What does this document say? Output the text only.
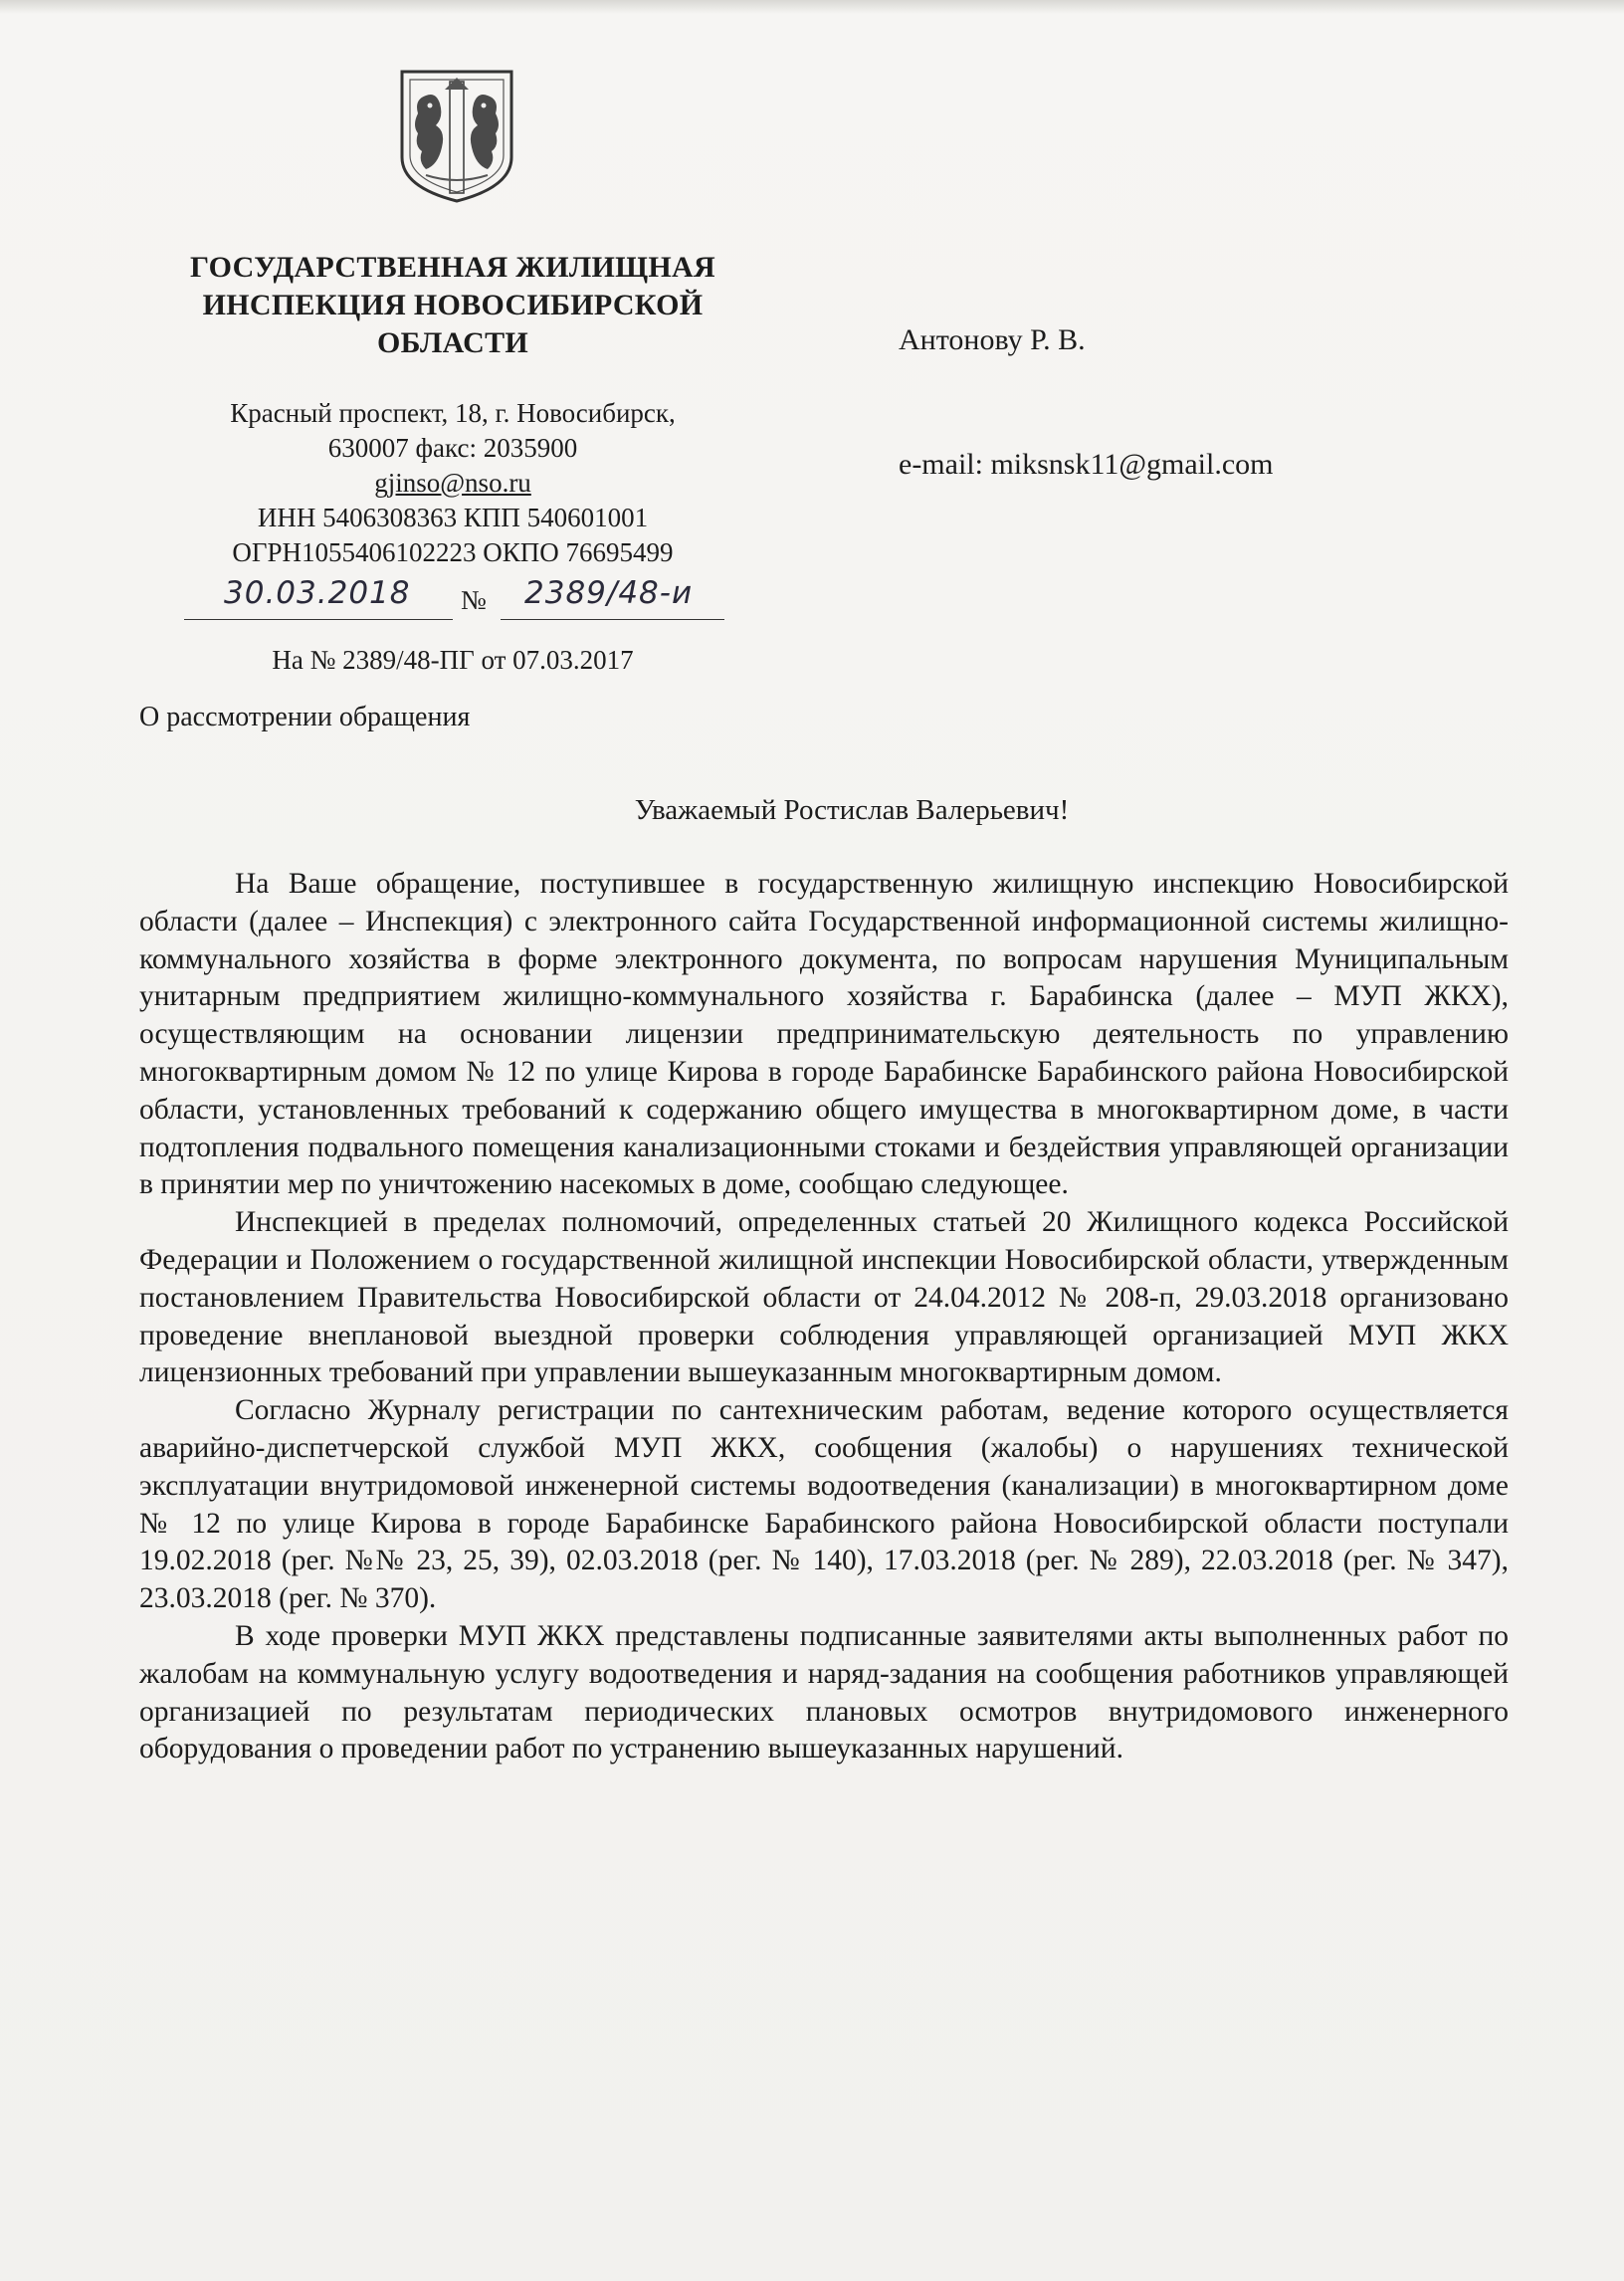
ГОСУДАРСТВЕННАЯ ЖИЛИЩНАЯ
ИНСПЕКЦИЯ НОВОСИБИРСКОЙ
ОБЛАСТИ
Красный проспект, 18, г. Новосибирск,
630007 факс: 2035900
gjinso@nso.ru
ИНН 5406308363 КПП 540601001
ОГРН1055406102223 ОКПО 76695499
30.03.2018 № 2389/48-и
На № 2389/48-ПГ от 07.03.2017
О рассмотрении обращения
Антонову Р. В.
e-mail: miksnsk11@gmail.com
Уважаемый Ростислав Валерьевич!

На Ваше обращение, поступившее в государственную жилищную инспекцию Новосибирской области (далее – Инспекция) с электронного сайта Государственной информационной системы жилищно-коммунального хозяйства в форме электронного документа, по вопросам нарушения Муниципальным унитарным предприятием жилищно-коммунального хозяйства г. Барабинска (далее – МУП ЖКХ), осуществляющим на основании лицензии предпринимательскую деятельность по управлению многоквартирным домом № 12 по улице Кирова в городе Барабинске Барабинского района Новосибирской области, установленных требований к содержанию общего имущества в многоквартирном доме, в части подтопления подвального помещения канализационными стоками и бездействия управляющей организации в принятии мер по уничтожению насекомых в доме, сообщаю следующее.

Инспекцией в пределах полномочий, определенных статьей 20 Жилищного кодекса Российской Федерации и Положением о государственной жилищной инспекции Новосибирской области, утвержденным постановлением Правительства Новосибирской области от 24.04.2012 № 208-п, 29.03.2018 организовано проведение внеплановой выездной проверки соблюдения управляющей организацией МУП ЖКХ лицензионных требований при управлении вышеуказанным многоквартирным домом.

Согласно Журналу регистрации по сантехническим работам, ведение которого осуществляется аварийно-диспетчерской службой МУП ЖКХ, сообщения (жалобы) о нарушениях технической эксплуатации внутридомовой инженерной системы водоотведения (канализации) в многоквартирном доме № 12 по улице Кирова в городе Барабинске Барабинского района Новосибирской области поступали 19.02.2018 (рег. №№ 23, 25, 39), 02.03.2018 (рег. № 140), 17.03.2018 (рег. № 289), 22.03.2018 (рег. № 347), 23.03.2018 (рег. № 370).

В ходе проверки МУП ЖКХ представлены подписанные заявителями акты выполненных работ по жалобам на коммунальную услугу водоотведения и наряд-задания на сообщения работников управляющей организацией по результатам периодических плановых осмотров внутридомового инженерного оборудования о проведении работ по устранению вышеуказанных нарушений.
